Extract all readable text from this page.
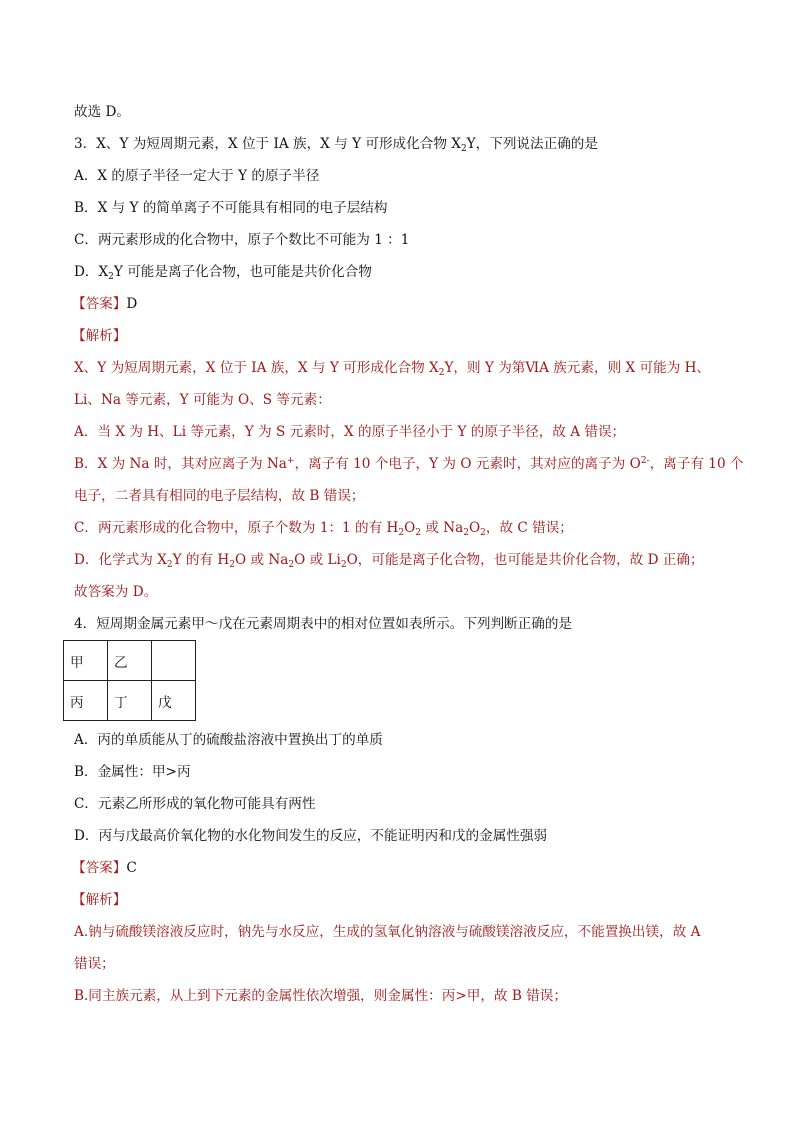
故选 D。
3．X、Y 为短周期元素，X 位于 IA 族，X 与 Y 可形成化合物 $X_2Y$，下列说法正确的是
A．X 的原子半径一定大于 Y 的原子半径
B．X 与 Y 的简单离子不可能具有相同的电子层结构
C．两元素形成的化合物中，原子个数比不可能为 1 ：1
D．$X_2Y$ 可能是离子化合物，也可能是共价化合物
【答案】D
【解析】
X、Y 为短周期元素，X 位于 IA 族，X 与 Y 可形成化合物 $X_2Y$，则 Y 为第ⅥA 族元素，则 X 可能为 H、
Li、Na 等元素，Y 可能为 O、S 等元素：
A．当 X 为 H、Li 等元素，Y 为 S 元素时，X 的原子半径小于 Y 的原子半径，故 A 错误；
B．X 为 Na 时，其对应离子为 Na+，离子有 10 个电子，Y 为 O 元素时，其对应的离子为 $O^{2-}$，离子有 10 个
电子，二者具有相同的电子层结构，故 B 错误；
C．两元素形成的化合物中，原子个数为 1：1 的有 $H_2O_2$ 或 $Na_2O_2$，故 C 错误；
D．化学式为 $X_2Y$ 的有 $H_2O$ 或 $Na_2O$ 或 $Li_2O$，可能是离子化合物，也可能是共价化合物，故 D 正确；
故答案为 D。
4．短周期金属元素甲～戊在元素周期表中的相对位置如表所示。下列判断正确的是
甲	乙	
丙	丁	戊
A．丙的单质能从丁的硫酸盐溶液中置换出丁的单质
B．金属性：甲>丙
C．元素乙所形成的氧化物可能具有两性
D．丙与戊最高价氧化物的水化物间发生的反应，不能证明丙和戊的金属性强弱
【答案】C
【解析】
A.钠与硫酸镁溶液反应时，钠先与水反应，生成的氢氧化钠溶液与硫酸镁溶液反应，不能置换出镁，故 A
错误；
B.同主族元素，从上到下元素的金属性依次增强，则金属性：丙>甲，故 B 错误；
